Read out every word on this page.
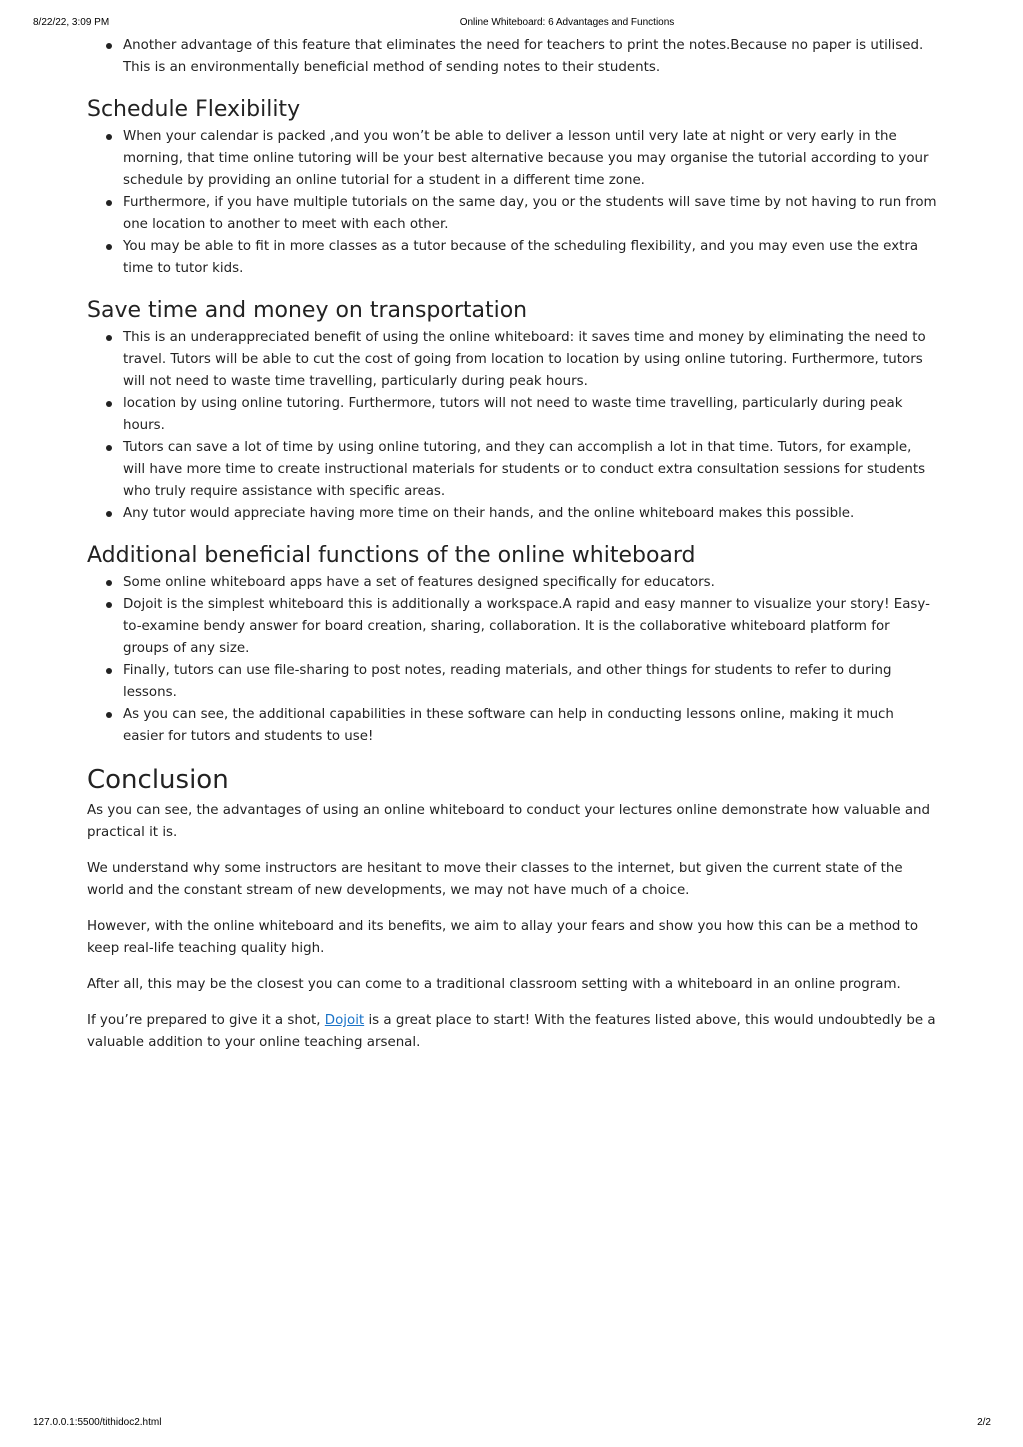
8/22/22, 3:09 PM	Online Whiteboard: 6 Advantages and Functions
Another advantage of this feature that eliminates the need for teachers to print the notes.Because no paper is utilised. This is an environmentally beneficial method of sending notes to their students.
Schedule Flexibility
When your calendar is packed ,and you won’t be able to deliver a lesson until very late at night or very early in the morning, that time online tutoring will be your best alternative because you may organise the tutorial according to your schedule by providing an online tutorial for a student in a different time zone.
Furthermore, if you have multiple tutorials on the same day, you or the students will save time by not having to run from one location to another to meet with each other.
You may be able to fit in more classes as a tutor because of the scheduling flexibility, and you may even use the extra time to tutor kids.
Save time and money on transportation
This is an underappreciated benefit of using the online whiteboard: it saves time and money by eliminating the need to travel. Tutors will be able to cut the cost of going from location to location by using online tutoring. Furthermore, tutors will not need to waste time travelling, particularly during peak hours.
location by using online tutoring. Furthermore, tutors will not need to waste time travelling, particularly during peak hours.
Tutors can save a lot of time by using online tutoring, and they can accomplish a lot in that time. Tutors, for example, will have more time to create instructional materials for students or to conduct extra consultation sessions for students who truly require assistance with specific areas.
Any tutor would appreciate having more time on their hands, and the online whiteboard makes this possible.
Additional beneficial functions of the online whiteboard
Some online whiteboard apps have a set of features designed specifically for educators.
Dojoit is the simplest whiteboard this is additionally a workspace.A rapid and easy manner to visualize your story! Easy-to-examine bendy answer for board creation, sharing, collaboration. It is the collaborative whiteboard platform for groups of any size.
Finally, tutors can use file-sharing to post notes, reading materials, and other things for students to refer to during lessons.
As you can see, the additional capabilities in these software can help in conducting lessons online, making it much easier for tutors and students to use!
Conclusion

As you can see, the advantages of using an online whiteboard to conduct your lectures online demonstrate how valuable and practical it is.

We understand why some instructors are hesitant to move their classes to the internet, but given the current state of the world and the constant stream of new developments, we may not have much of a choice.

However, with the online whiteboard and its benefits, we aim to allay your fears and show you how this can be a method to keep real-life teaching quality high.

After all, this may be the closest you can come to a traditional classroom setting with a whiteboard in an online program.

If you’re prepared to give it a shot, Dojoit is a great place to start! With the features listed above, this would undoubtedly be a valuable addition to your online teaching arsenal.

127.0.0.1:5500/tithidoc2.html	2/2
